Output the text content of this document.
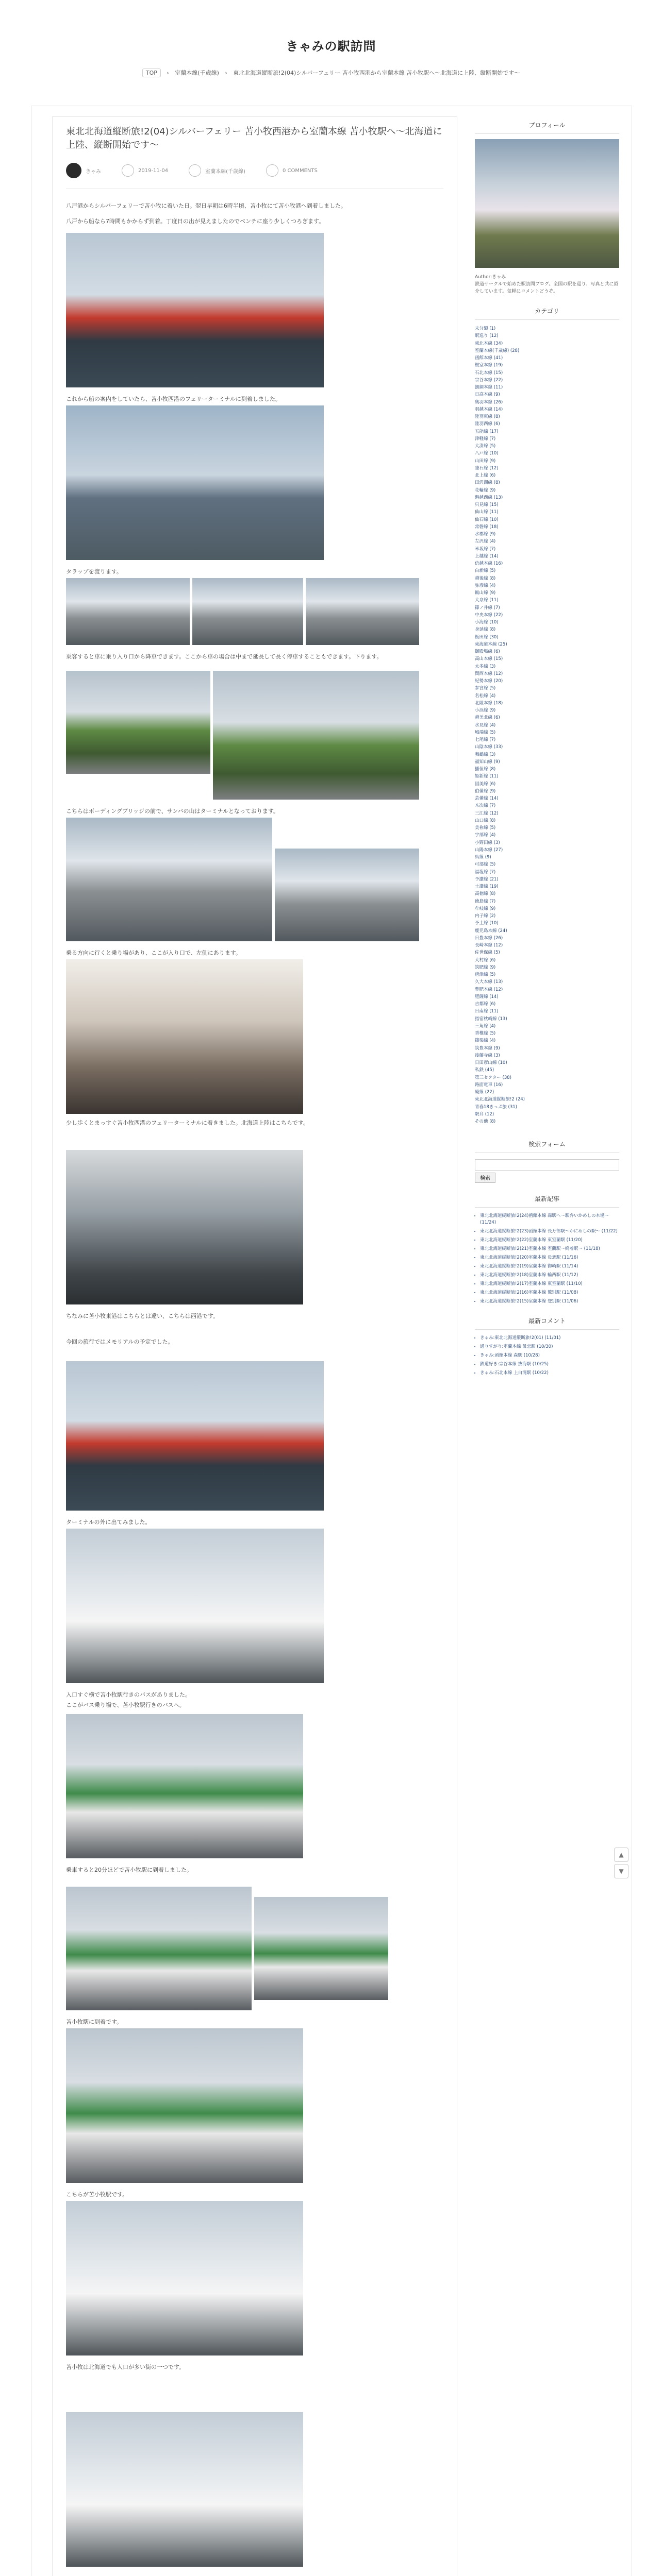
きゃみの駅訪問
TOP › 室蘭本線(千歳線) › 東北北海道縦断旅!2(04)シルバーフェリー 苫小牧西港から室蘭本線 苫小牧駅へ〜北海道に上陸、縦断開始です〜
東北北海道縦断旅!2(04)シルバーフェリー 苫小牧西港から室蘭本線 苫小牧駅へ〜北海道に上陸、縦断開始です〜
きゃみ	2019-11-04	室蘭本線(千歳線)	0 COMMENTS
八戸港からシルバーフェリーで苫小牧に着いた日。翌日早朝は6時半頃、苫小牧にて苫小牧港へ到着しました。
八戸から船なら7時間もかからず到着。丁度日の出が見えましたのでベンチに座り少しくつろぎます。
これから船の案内をしていたら、苫小牧西港のフェリーターミナルに到着しました。
タラップを渡ります。
乗客すると車に乗り入り口から降車できます。ここから車の場合は中まで延長して長く停車することもできます。下ります。
こちらはボーディングブリッジの前で、サンバの山はターミナルとなっております。
乗る方向に行くと乗り場があり、ここが入り口で、左側にあります。
少し歩くとまっすぐ苫小牧西港のフェリーターミナルに着きました。北海道上陸はこちらです。
ちなみに苫小牧東港はこちらとは違い、こちらは西港です。
今回の旅行ではメモリアルの予定でした。
ターミナルの外に出てみました。
入口すぐ横で苫小牧駅行きのバスがありました。
ここがバス乗り場で、苫小牧駅行きのバスへ。
乗車すると20分ほどで苫小牧駅に到着しました。
苫小牧駅に到着です。
こちらが苫小牧駅です。
苫小牧は北海道でも人口が多い街の一つです。
プロフィール
Author:きゃみ
鉄道サークルで始めた駅訪問ブログ。全国の駅を巡り、写真と共に紹介しています。気軽にコメントどうぞ。
カテゴリ
未分類 (1)
駅巡り (12)
東北本線 (34)
室蘭本線(千歳線) (28)
函館本線 (41)
根室本線 (19)
石北本線 (15)
宗谷本線 (22)
釧網本線 (11)
日高本線 (9)
奥羽本線 (26)
羽越本線 (14)
陸羽東線 (8)
陸羽西線 (6)
五能線 (17)
津軽線 (7)
大湊線 (5)
八戸線 (10)
山田線 (9)
釜石線 (12)
北上線 (6)
田沢湖線 (8)
花輪線 (9)
磐越西線 (13)
只見線 (15)
仙山線 (11)
仙石線 (10)
常磐線 (18)
水郡線 (9)
左沢線 (4)
米坂線 (7)
上越線 (14)
信越本線 (16)
白新線 (5)
越後線 (8)
弥彦線 (4)
飯山線 (9)
大糸線 (11)
篠ノ井線 (7)
中央本線 (22)
小海線 (10)
身延線 (8)
飯田線 (30)
東海道本線 (25)
御殿場線 (6)
高山本線 (15)
太多線 (3)
関西本線 (12)
紀勢本線 (20)
参宮線 (5)
名松線 (4)
北陸本線 (18)
小浜線 (9)
越美北線 (6)
氷見線 (4)
城端線 (5)
七尾線 (7)
山陰本線 (33)
舞鶴線 (3)
福知山線 (9)
播但線 (8)
姫新線 (11)
因美線 (6)
伯備線 (9)
芸備線 (14)
木次線 (7)
三江線 (12)
山口線 (8)
美祢線 (5)
宇部線 (4)
小野田線 (3)
山陽本線 (27)
呉線 (9)
可部線 (5)
福塩線 (7)
予讃線 (21)
土讃線 (19)
高徳線 (8)
徳島線 (7)
牟岐線 (9)
内子線 (2)
予土線 (10)
鹿児島本線 (24)
日豊本線 (26)
長崎本線 (12)
佐世保線 (5)
大村線 (6)
筑肥線 (9)
唐津線 (5)
久大本線 (13)
豊肥本線 (12)
肥薩線 (14)
吉都線 (6)
日南線 (11)
指宿枕崎線 (13)
三角線 (4)
香椎線 (5)
篠栗線 (4)
筑豊本線 (9)
後藤寺線 (3)
日田彦山線 (10)
私鉄 (45)
第三セクター (38)
路面電車 (16)
廃線 (22)
東北北海道縦断旅!2 (24)
青春18きっぷ旅 (31)
駅弁 (12)
その他 (8)
検索フォーム
検索
最新記事
• 東北北海道縦断旅!2(24)函館本線 森駅へ〜駅弁いかめしの本場〜 (11/24)
• 東北北海道縦断旅!2(23)函館本線 長万部駅〜かにめしの駅〜 (11/22)
• 東北北海道縦断旅!2(22)室蘭本線 東室蘭駅 (11/20)
• 東北北海道縦断旅!2(21)室蘭本線 室蘭駅〜終着駅〜 (11/18)
• 東北北海道縦断旅!2(20)室蘭本線 母恋駅 (11/16)
• 東北北海道縦断旅!2(19)室蘭本線 御崎駅 (11/14)
• 東北北海道縦断旅!2(18)室蘭本線 輪西駅 (11/12)
• 東北北海道縦断旅!2(17)室蘭本線 東室蘭駅 (11/10)
• 東北北海道縦断旅!2(16)室蘭本線 鷲別駅 (11/08)
• 東北北海道縦断旅!2(15)室蘭本線 登別駅 (11/06)
最新コメント
• きゃみ:東北北海道縦断旅!2(01) (11/01)
• 通りすがり:室蘭本線 母恋駅 (10/30)
• きゃみ:函館本線 森駅 (10/28)
• 鉄道好き:宗谷本線 抜海駅 (10/25)
• きゃみ:石北本線 上白滝駅 (10/22)
▲
▼
